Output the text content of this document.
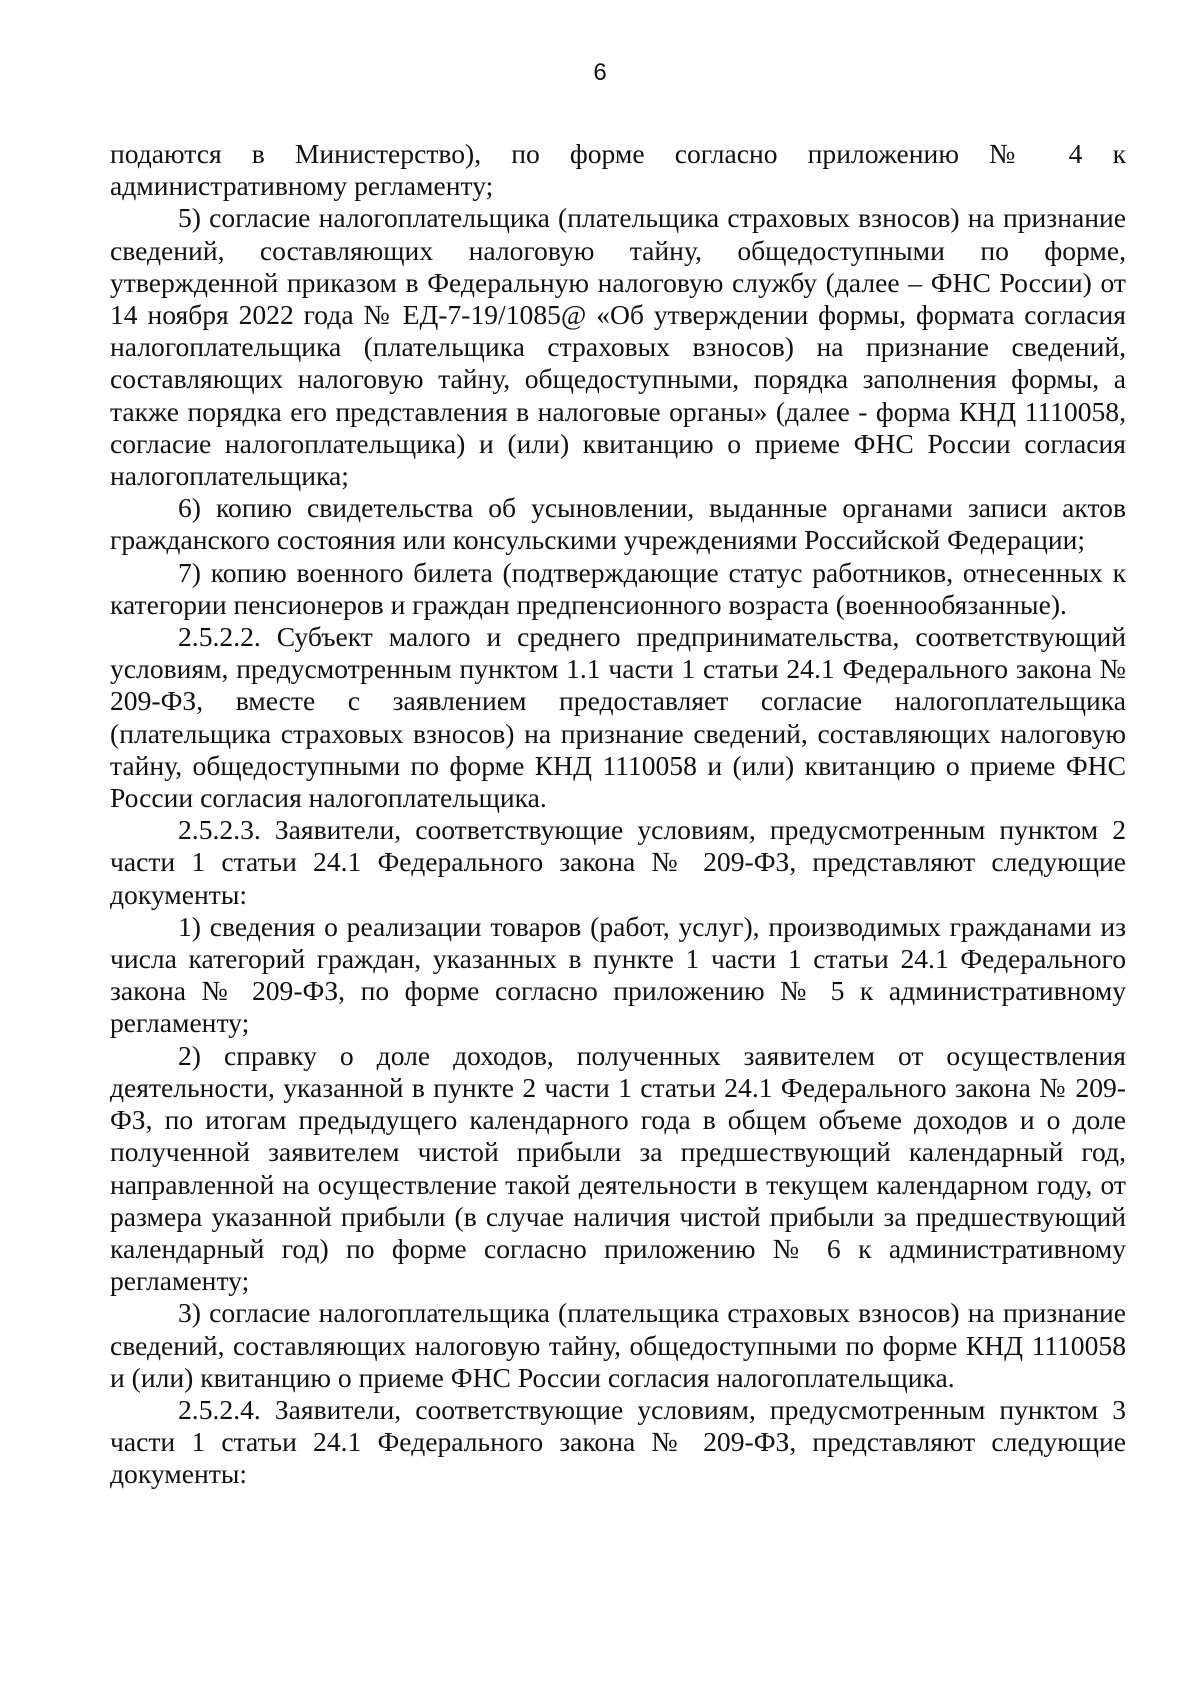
6

подаются в Министерство), по форме согласно приложению № 4 к административному регламенту;

5) согласие налогоплательщика (плательщика страховых взносов) на признание сведений, составляющих налоговую тайну, общедоступными по форме, утвержденной приказом в Федеральную налоговую службу (далее – ФНС России) от 14 ноября 2022 года № ЕД-7-19/1085@ «Об утверждении формы, формата согласия налогоплательщика (плательщика страховых взносов) на признание сведений, составляющих налоговую тайну, общедоступными, порядка заполнения формы, а также порядка его представления в налоговые органы» (далее - форма КНД 1110058, согласие налогоплательщика) и (или) квитанцию о приеме ФНС России согласия налогоплательщика;

6) копию свидетельства об усыновлении, выданные органами записи актов гражданского состояния или консульскими учреждениями Российской Федерации;

7) копию военного билета (подтверждающие статус работников, отнесенных к категории пенсионеров и граждан предпенсионного возраста (военнообязанные).

2.5.2.2. Субъект малого и среднего предпринимательства, соответствующий условиям, предусмотренным пунктом 1.1 части 1 статьи 24.1 Федерального закона № 209-ФЗ, вместе с заявлением предоставляет согласие налогоплательщика (плательщика страховых взносов) на признание сведений, составляющих налоговую тайну, общедоступными по форме КНД 1110058 и (или) квитанцию о приеме ФНС России согласия налогоплательщика.

2.5.2.3. Заявители, соответствующие условиям, предусмотренным пунктом 2 части 1 статьи 24.1 Федерального закона № 209-ФЗ, представляют следующие документы:

1) сведения о реализации товаров (работ, услуг), производимых гражданами из числа категорий граждан, указанных в пункте 1 части 1 статьи 24.1 Федерального закона № 209-ФЗ, по форме согласно приложению № 5 к административному регламенту;

2) справку о доле доходов, полученных заявителем от осуществления деятельности, указанной в пункте 2 части 1 статьи 24.1 Федерального закона № 209-ФЗ, по итогам предыдущего календарного года в общем объеме доходов и о доле полученной заявителем чистой прибыли за предшествующий календарный год, направленной на осуществление такой деятельности в текущем календарном году, от размера указанной прибыли (в случае наличия чистой прибыли за предшествующий календарный год) по форме согласно приложению № 6 к административному регламенту;

3) согласие налогоплательщика (плательщика страховых взносов) на признание сведений, составляющих налоговую тайну, общедоступными по форме КНД 1110058 и (или) квитанцию о приеме ФНС России согласия налогоплательщика.

2.5.2.4. Заявители, соответствующие условиям, предусмотренным пунктом 3 части 1 статьи 24.1 Федерального закона № 209-ФЗ, представляют следующие документы:
